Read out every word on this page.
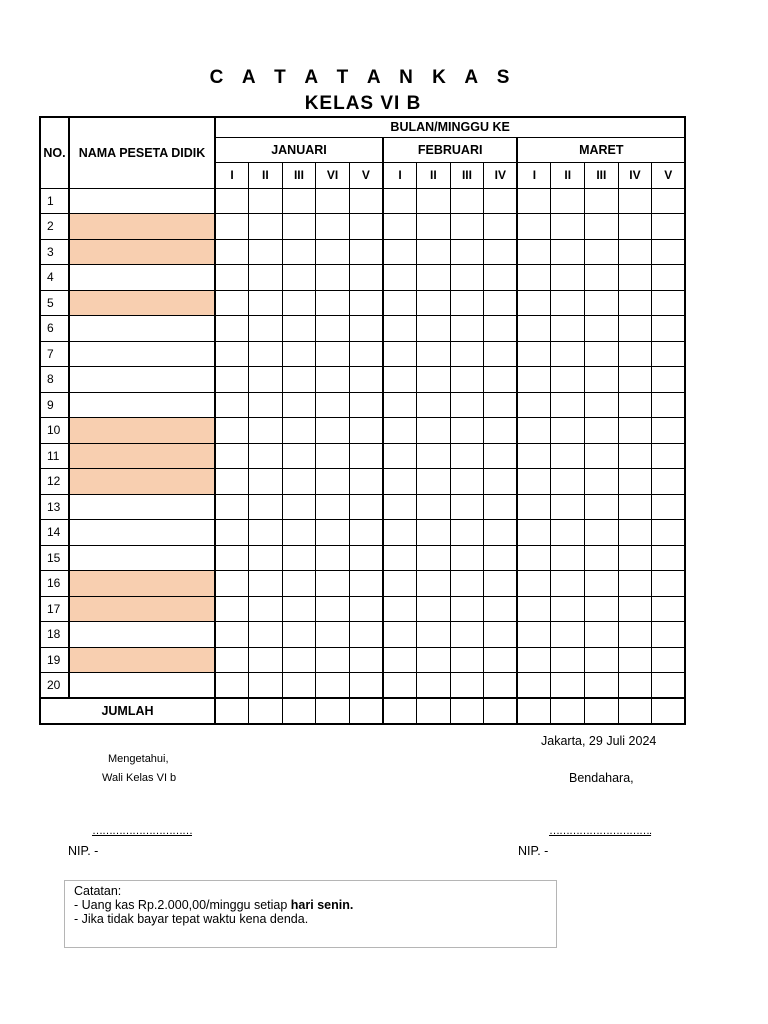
C A T A T A N K A S
KELAS VI B
NO.	NAMA PESETA DIDIK	BULAN/MINGGU KE													
		JANUARI					FEBRUARI				MARET				
		I	II	III	VI	V	I	II	III	IV	I	II	III	IV	V
1															
2															
3															
4															
5															
6															
7															
8															
9															
10															
11															
12															
13															
14															
15															
16															
17															
18															
19															
20															
JUMLAH															
Jakarta, 29 Juli 2024
Mengetahui,
Wali Kelas VI b	Bendahara,
…………………………	………………………….
NIP. -	NIP. -
Catatan:
- Uang kas Rp.2.000,00/minggu setiap hari senin.
- Jika tidak bayar tepat waktu kena denda.
